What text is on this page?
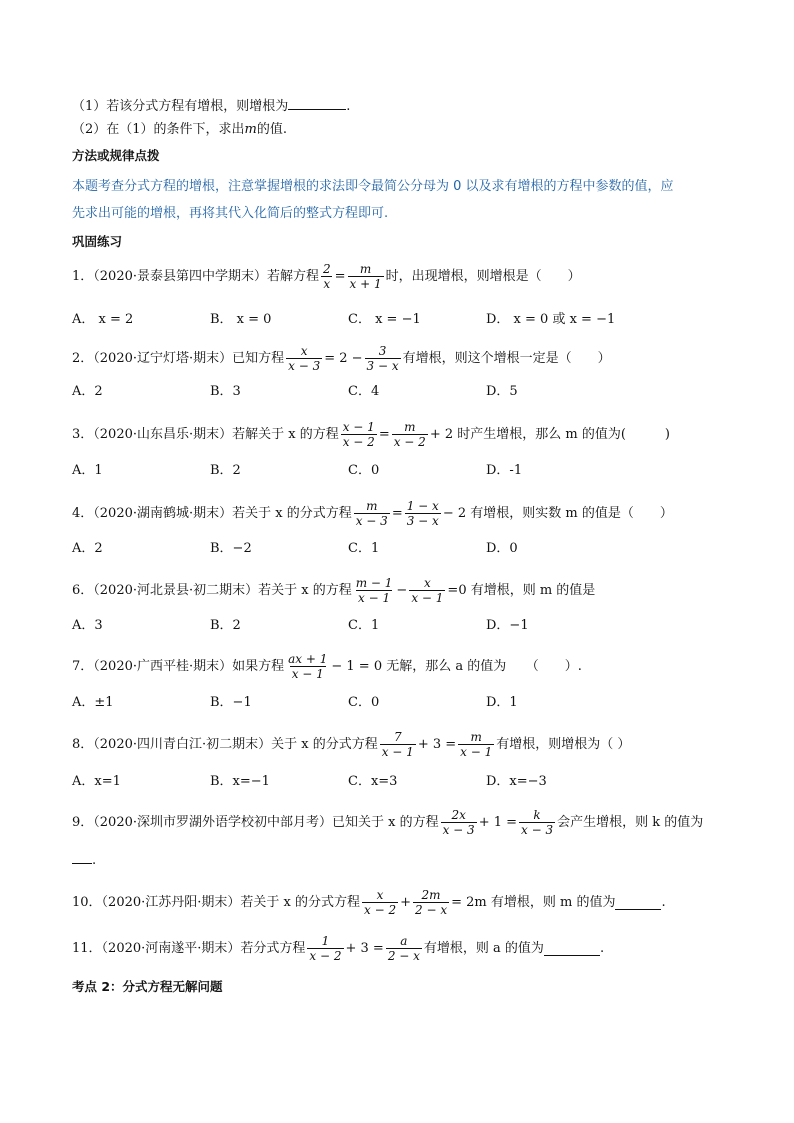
（1）若该分式方程有增根，则增根为	.
（2）在（1）的条件下，求出m的值.
方法或规律点拨
本题考查分式方程的增根，注意掌握增根的求法即令最简公分母为 0 以及求有增根的方程中参数的值，应
先求出可能的增根，再将其代入化简后的整式方程即可.
巩固练习
1．（2020·景泰县第四中学期末）若解方程 $\frac{2}{x} = \frac{m}{x + 1}$ 时，出现增根，则增根是（　　）
A． x = 2	B． x = 0	C． x = −1	D． x = 0 或 x = −1
2．（2020·辽宁灯塔·期末）已知方程 $\frac{x}{x - 3} = 2 - \frac{3}{3 - x}$ 有增根，则这个增根一定是（　　）
A．2	B．3	C．4	D．5
3．（2020·山东昌乐·期末）若解关于 x 的方程 $\frac{x - 1}{x - 2} = \frac{m}{x - 2} + 2$ 时产生增根，那么 m 的值为(　　　)
A．1	B．2	C．0	D．-1
4．（2020·湖南鹤城·期末）若关于 x 的分式方程 $\frac{m}{x - 3} = \frac{1 - x}{3 - x} - 2$ 有增根，则实数 m 的值是（　　）
A．2	B．−2	C．1	D．0
6．（2020·河北景县·初二期末）若关于 x 的方程 $\frac{m - 1}{x - 1} - \frac{x}{x - 1} =0$ 有增根，则 m 的值是
A．3	B．2	C．1	D．−1
7．（2020·广西平桂·期末）如果方程 $\frac{ax + 1}{x - 1} - 1 = 0$ 无解，那么 a 的值为　　（　　）.
A．±1	B．−1	C．0	D．1
8．（2020·四川青白江·初二期末）关于 x 的分式方程 $\frac{7}{x - 1} + 3 = \frac{m}{x - 1}$ 有增根，则增根为（ ）
A．x=1	B．x=−1	C．x=3	D．x=−3
9．（2020·深圳市罗湖外语学校初中部月考）已知关于 x 的方程 $\frac{2x}{x - 3} + 1 = \frac{k}{x - 3}$ 会产生增根，则 k 的值为
.
10．（2020·江苏丹阳·期末）若关于 x 的分式方程 $\frac{x}{x - 2} + \frac{2m}{2 - x} = 2m$ 有增根，则 m 的值为	.
11．（2020·河南遂平·期末）若分式方程 $\frac{1}{x - 2} + 3 = \frac{a}{2 - x}$ 有增根，则 a 的值为	.
考点 2：分式方程无解问题
